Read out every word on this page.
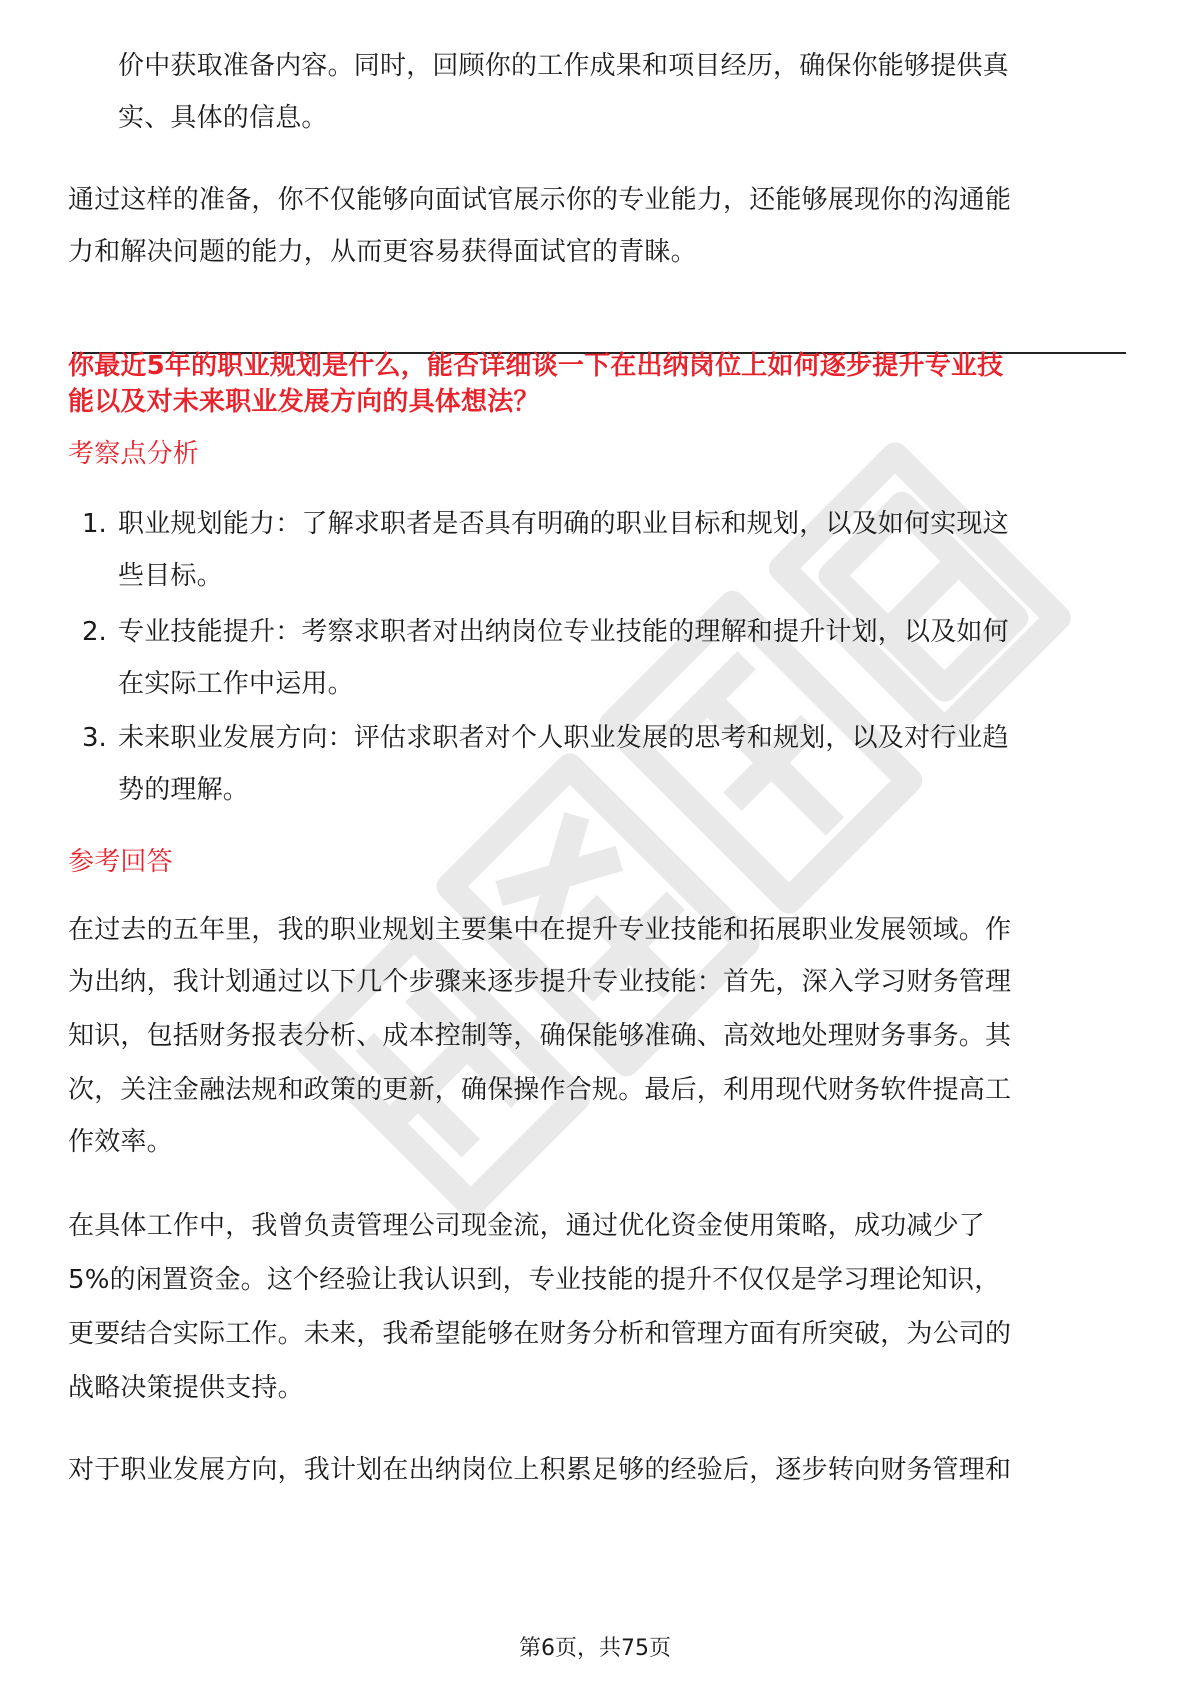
价中获取准备内容。同时，回顾你的工作成果和项目经历，确保你能够提供真

实、具体的信息。

通过这样的准备，你不仅能够向面试官展示你的专业能力，还能够展现你的沟通能

力和解决问题的能力，从而更容易获得面试官的青睐。

你最近5年的职业规划是什么，能否详细谈一下在出纳岗位上如何逐步提升专业技

能以及对未来职业发展方向的具体想法？

考察点分析

1. 职业规划能力：了解求职者是否具有明确的职业目标和规划，以及如何实现这

些目标。

2. 专业技能提升：考察求职者对出纳岗位专业技能的理解和提升计划，以及如何

在实际工作中运用。

3. 未来职业发展方向：评估求职者对个人职业发展的思考和规划，以及对行业趋

势的理解。

参考回答

在过去的五年里，我的职业规划主要集中在提升专业技能和拓展职业发展领域。作

为出纳，我计划通过以下几个步骤来逐步提升专业技能：首先，深入学习财务管理

知识，包括财务报表分析、成本控制等，确保能够准确、高效地处理财务事务。其

次，关注金融法规和政策的更新，确保操作合规。最后，利用现代财务软件提高工

作效率。

在具体工作中，我曾负责管理公司现金流，通过优化资金使用策略，成功减少了

5%的闲置资金。这个经验让我认识到，专业技能的提升不仅仅是学习理论知识，

更要结合实际工作。未来，我希望能够在财务分析和管理方面有所突破，为公司的

战略决策提供支持。

对于职业发展方向，我计划在出纳岗位上积累足够的经验后，逐步转向财务管理和

第6页，共75页
